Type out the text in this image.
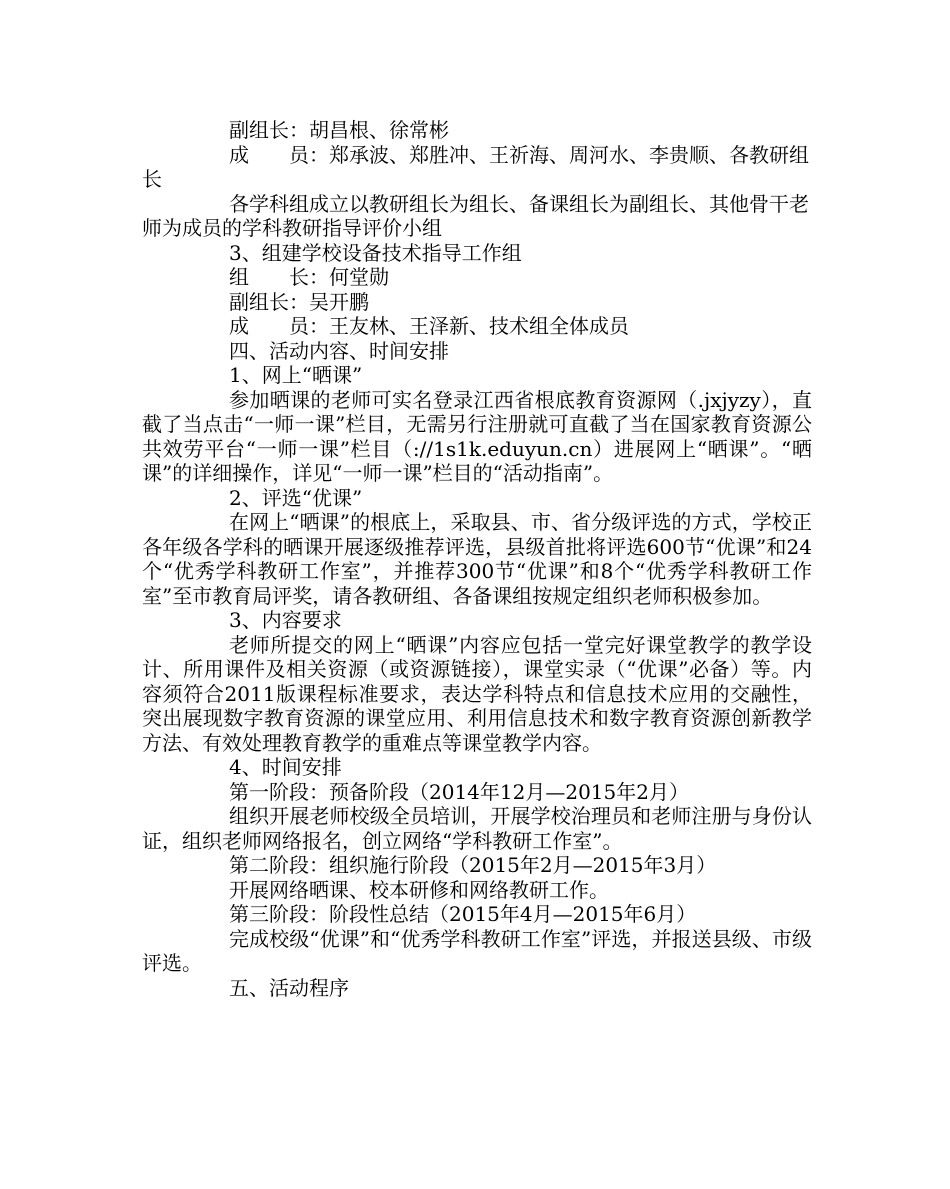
副组长：胡昌根、徐常彬

成　　员：郑承波、郑胜冲、王祈海、周河水、李贵顺、各教研组长

各学科组成立以教研组长为组长、备课组长为副组长、其他骨干老师为成员的学科教研指导评价小组

3、组建学校设备技术指导工作组

组　　长：何堂勋

副组长：吴开鹏

成　　员：王友林、王泽新、技术组全体成员

四、活动内容、时间安排

1、网上“晒课”

参加晒课的老师可实名登录江西省根底教育资源网（.jxjyzy），直截了当点击“一师一课”栏目，无需另行注册就可直截了当在国家教育资源公共效劳平台“一师一课”栏目（://1s1k.eduyun.cn）进展网上“晒课”。“晒课”的详细操作，详见“一师一课”栏目的“活动指南”。

2、评选“优课”

在网上“晒课”的根底上，采取县、市、省分级评选的方式，学校正各年级各学科的晒课开展逐级推荐评选，县级首批将评选600节“优课”和24个“优秀学科教研工作室”，并推荐300节“优课”和8个“优秀学科教研工作室”至市教育局评奖，请各教研组、各备课组按规定组织老师积极参加。

3、内容要求

老师所提交的网上“晒课”内容应包括一堂完好课堂教学的教学设计、所用课件及相关资源（或资源链接），课堂实录（“优课”必备）等。内容须符合2011版课程标准要求，表达学科特点和信息技术应用的交融性，突出展现数字教育资源的课堂应用、利用信息技术和数字教育资源创新教学方法、有效处理教育教学的重难点等课堂教学内容。

4、时间安排

第一阶段：预备阶段（2014年12月—2015年2月）

组织开展老师校级全员培训，开展学校治理员和老师注册与身份认证，组织老师网络报名，创立网络“学科教研工作室”。

第二阶段：组织施行阶段（2015年2月—2015年3月）

开展网络晒课、校本研修和网络教研工作。

第三阶段：阶段性总结（2015年4月—2015年6月）

完成校级“优课”和“优秀学科教研工作室”评选，并报送县级、市级评选。

五、活动程序
